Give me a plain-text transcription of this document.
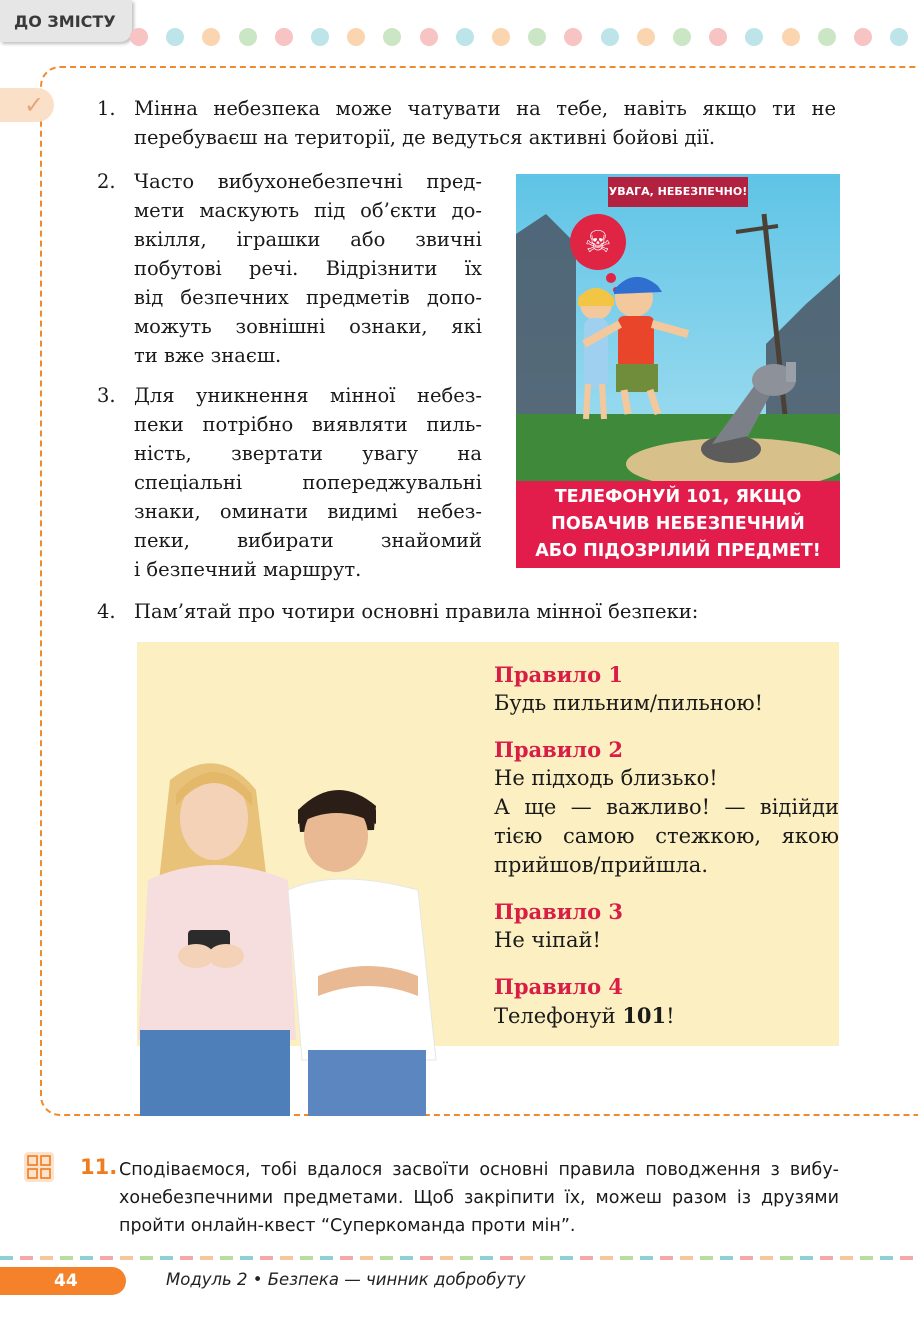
ДО ЗМІСТУ
✓	1. Мінна небезпека може чатувати на тебе, навіть якщо ти не перебуваєш на території, де ведуться активні бойові дії.
2. Часто вибухонебезпечні пред-
мети маскують під об’єкти до-
вкілля, іграшки або звичні
побутові речі. Відрізнити їх
від безпечних предметів допо-
можуть зовнішні ознаки, які
ти вже знаєш.
3. Для уникнення мінної небез-
пеки потрібно виявляти пиль-
ність, звертати увагу на
спеціальні попереджувальні
знаки, оминати видимі небез-
пеки, вибирати знайомий
і безпечний маршрут.
☠
УВАГА, НЕБЕЗПЕЧНО!
ТЕЛЕФОНУЙ 101, ЯКЩО
ПОБАЧИВ НЕБЕЗПЕЧНИЙ
АБО ПІДОЗРІЛИЙ ПРЕДМЕТ!
4. Пам’ятай про чотири основні правила мінної безпеки:
Правило 1
Будь пильним/пильною!
Правило 2
Не підходь близько!
А ще — важливо! — відійди
тією самою стежкою, якою
прийшов/прийшла.
Правило 3
Не чіпай!
Правило 4
Телефонуй 101!
11. Сподіваємося, тобі вдалося засвоїти основні правила поводження з вибу-
хонебезпечними предметами. Щоб закріпити їх, можеш разом із друзями
пройти онлайн-квест “Суперкоманда проти мін”.
44	Модуль 2 • Безпека — чинник добробуту
